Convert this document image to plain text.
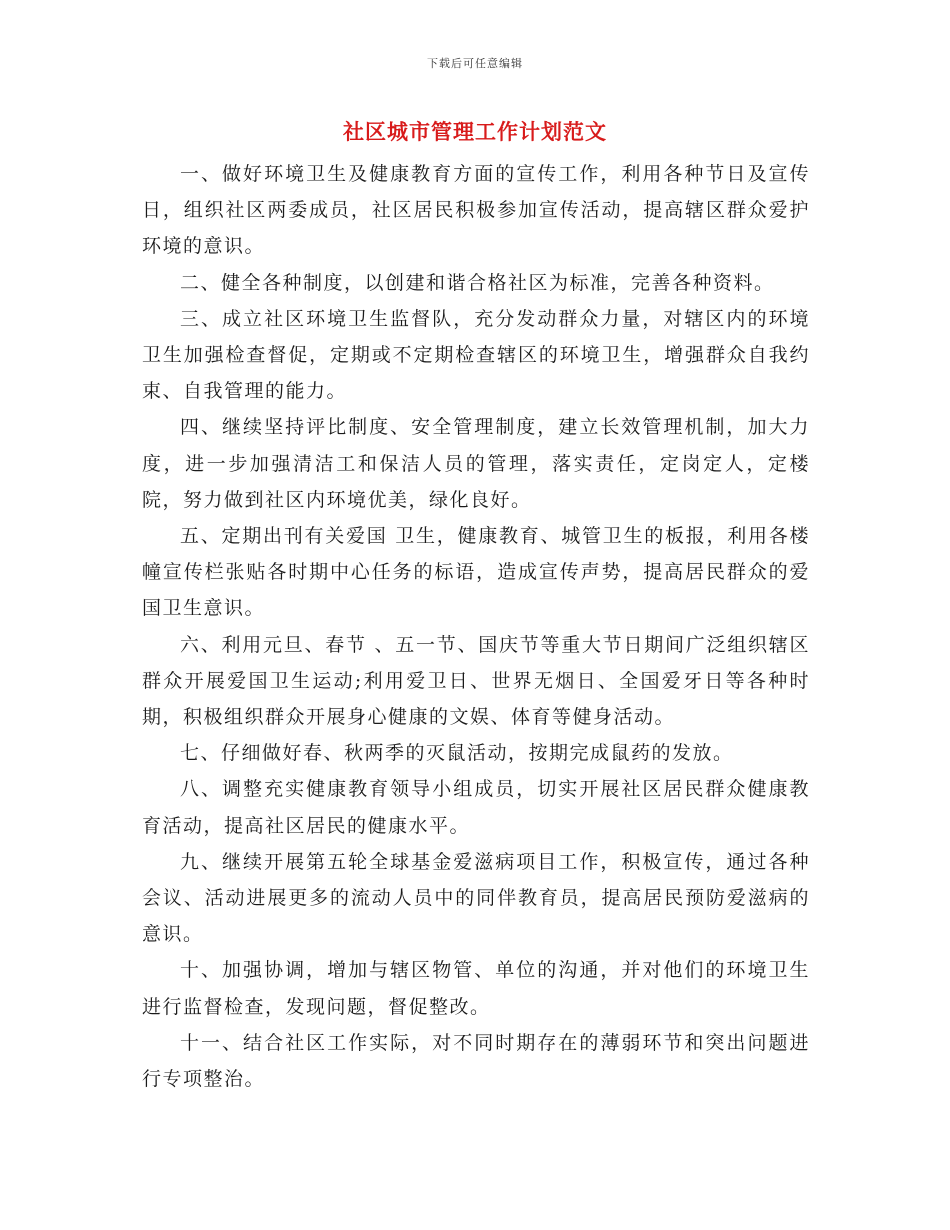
下载后可任意编辑
社区城市管理工作计划范文

一、做好环境卫生及健康教育方面的宣传工作，利用各种节日及宣传日，组织社区两委成员，社区居民积极参加宣传活动，提高辖区群众爱护环境的意识。

二、健全各种制度，以创建和谐合格社区为标准，完善各种资料。

三、成立社区环境卫生监督队，充分发动群众力量，对辖区内的环境卫生加强检查督促，定期或不定期检查辖区的环境卫生，增强群众自我约束、自我管理的能力。

四、继续坚持评比制度、安全管理制度，建立长效管理机制，加大力度，进一步加强清洁工和保洁人员的管理，落实责任，定岗定人，定楼院，努力做到社区内环境优美，绿化良好。

五、定期出刊有关爱国 卫生，健康教育、城管卫生的板报，利用各楼幢宣传栏张贴各时期中心任务的标语，造成宣传声势，提高居民群众的爱国卫生意识。

六、利用元旦、春节 、五一节、国庆节等重大节日期间广泛组织辖区群众开展爱国卫生运动;利用爱卫日、世界无烟日、全国爱牙日等各种时期，积极组织群众开展身心健康的文娱、体育等健身活动。

七、仔细做好春、秋两季的灭鼠活动，按期完成鼠药的发放。

八、调整充实健康教育领导小组成员，切实开展社区居民群众健康教育活动，提高社区居民的健康水平。

九、继续开展第五轮全球基金爱滋病项目工作，积极宣传，通过各种会议、活动进展更多的流动人员中的同伴教育员，提高居民预防爱滋病的意识。

十、加强协调，增加与辖区物管、单位的沟通，并对他们的环境卫生进行监督检查，发现问题，督促整改。

十一、结合社区工作实际，对不同时期存在的薄弱环节和突出问题进行专项整治。
